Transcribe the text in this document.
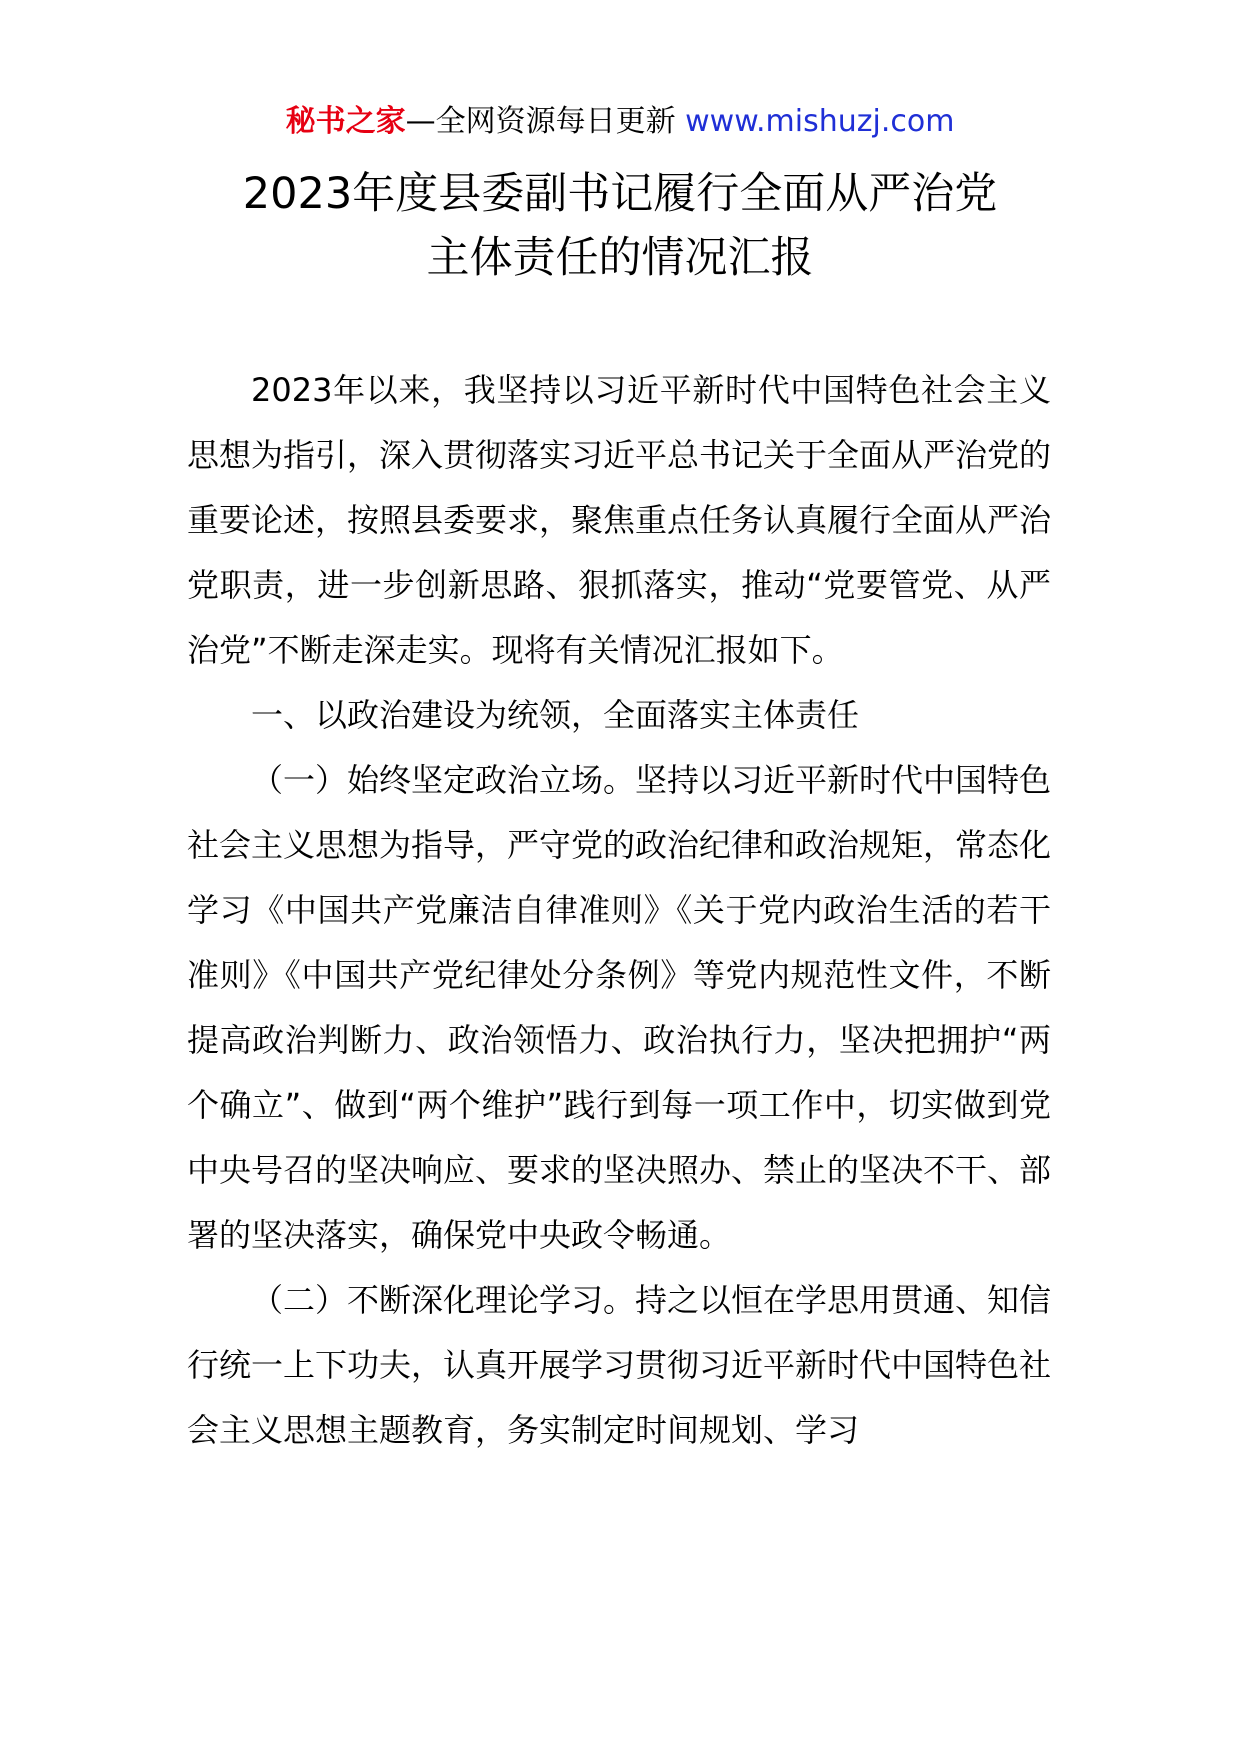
秘书之家—全网资源每日更新 www.mishuzj.com
2023年度县委副书记履行全面从严治党
主体责任的情况汇报

2023年以来，我坚持以习近平新时代中国特色社会主义思想为指引，深入贯彻落实习近平总书记关于全面从严治党的重要论述，按照县委要求，聚焦重点任务认真履行全面从严治党职责，进一步创新思路、狠抓落实，推动“党要管党、从严治党”不断走深走实。现将有关情况汇报如下。

一、以政治建设为统领，全面落实主体责任

（一）始终坚定政治立场。坚持以习近平新时代中国特色社会主义思想为指导，严守党的政治纪律和政治规矩，常态化学习《中国共产党廉洁自律准则》《关于党内政治生活的若干准则》《中国共产党纪律处分条例》等党内规范性文件，不断提高政治判断力、政治领悟力、政治执行力，坚决把拥护“两个确立”、做到“两个维护”践行到每一项工作中，切实做到党中央号召的坚决响应、要求的坚决照办、禁止的坚决不干、部署的坚决落实，确保党中央政令畅通。

（二）不断深化理论学习。持之以恒在学思用贯通、知信行统一上下功夫，认真开展学习贯彻习近平新时代中国特色社会主义思想主题教育，务实制定时间规划、学习
